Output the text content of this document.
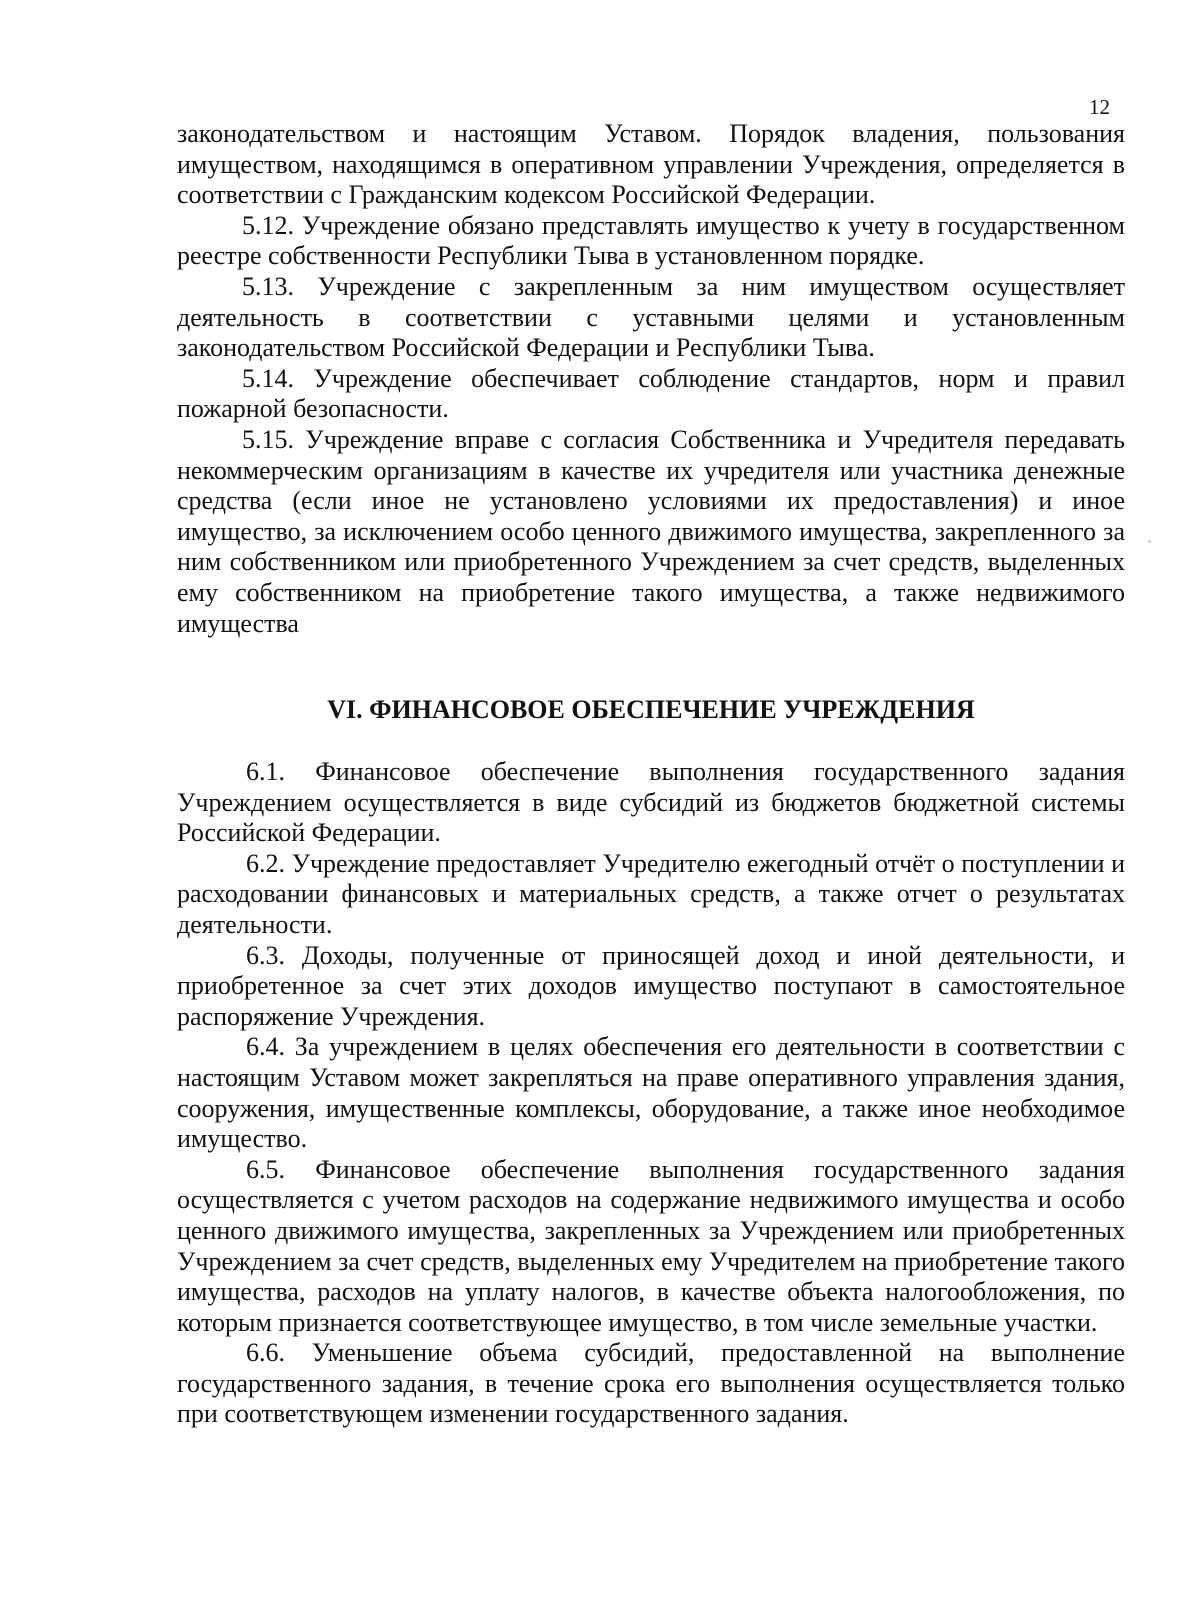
12

законодательством и настоящим Уставом. Порядок владения, пользования имуществом, находящимся в оперативном управлении Учреждения, определяется в соответствии с Гражданским кодексом Российской Федерации.

5.12. Учреждение обязано представлять имущество к учету в государственном реестре собственности Республики Тыва в установленном порядке.

5.13. Учреждение с закрепленным за ним имуществом осуществляет деятельность в соответствии с уставными целями и установленным законодательством Российской Федерации и Республики Тыва.

5.14. Учреждение обеспечивает соблюдение стандартов, норм и правил пожарной безопасности.

5.15. Учреждение вправе с согласия Собственника и Учредителя передавать некоммерческим организациям в качестве их учредителя или участника денежные средства (если иное не установлено условиями их предоставления) и иное имущество, за исключением особо ценного движимого имущества, закрепленного за ним собственником или приобретенного Учреждением за счет средств, выделенных ему собственником на приобретение такого имущества, а также недвижимого имущества

VI. ФИНАНСОВОЕ ОБЕСПЕЧЕНИЕ УЧРЕЖДЕНИЯ

6.1. Финансовое обеспечение выполнения государственного задания Учреждением осуществляется в виде субсидий из бюджетов бюджетной системы Российской Федерации.

6.2. Учреждение предоставляет Учредителю ежегодный отчёт о поступлении и расходовании финансовых и материальных средств, а также отчет о результатах деятельности.

6.3. Доходы, полученные от приносящей доход и иной деятельности, и приобретенное за счет этих доходов имущество поступают в самостоятельное распоряжение Учреждения.

6.4. За учреждением в целях обеспечения его деятельности в соответствии с настоящим Уставом может закрепляться на праве оперативного управления здания, сооружения, имущественные комплексы, оборудование, а также иное необходимое имущество.

6.5. Финансовое обеспечение выполнения государственного задания осуществляется с учетом расходов на содержание недвижимого имущества и особо ценного движимого имущества, закрепленных за Учреждением или приобретенных Учреждением за счет средств, выделенных ему Учредителем на приобретение такого имущества, расходов на уплату налогов, в качестве объекта налогообложения, по которым признается соответствующее имущество, в том числе земельные участки.

6.6. Уменьшение объема субсидий, предоставленной на выполнение государственного задания, в течение срока его выполнения осуществляется только при соответствующем изменении государственного задания.
